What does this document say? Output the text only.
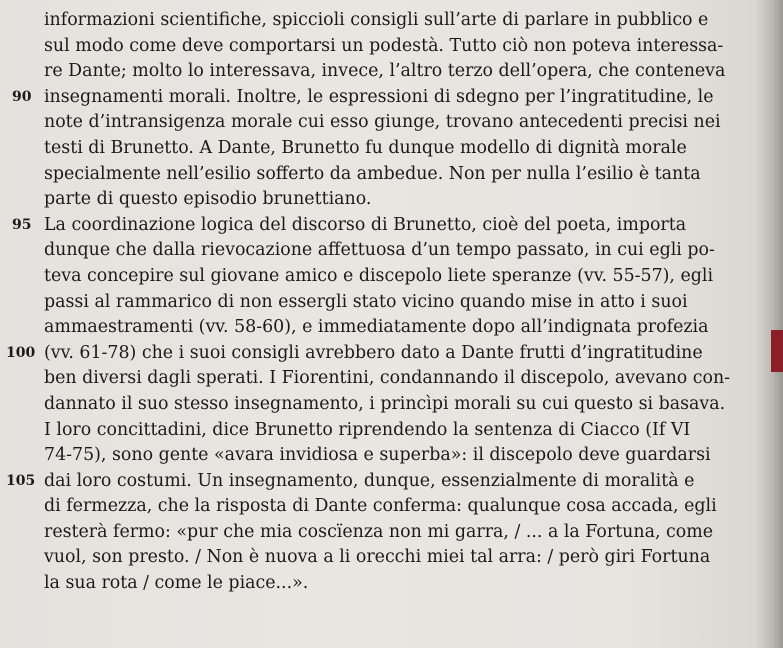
informazioni scientifiche, spiccioli consigli sull’arte di parlare in pubblico e
sul modo come deve comportarsi un podestà. Tutto ciò non poteva interessa-
re Dante; molto lo interessava, invece, l’altro terzo dell’opera, che conteneva
90 insegnamenti morali. Inoltre, le espressioni di sdegno per l’ingratitudine, le
note d’intransigenza morale cui esso giunge, trovano antecedenti precisi nei
testi di Brunetto. A Dante, Brunetto fu dunque modello di dignità morale
specialmente nell’esilio sofferto da ambedue. Non per nulla l’esilio è tanta
parte di questo episodio brunettiano.
95 La coordinazione logica del discorso di Brunetto, cioè del poeta, importa
dunque che dalla rievocazione affettuosa d’un tempo passato, in cui egli po-
teva concepire sul giovane amico e discepolo liete speranze (vv. 55-57), egli
passi al rammarico di non essergli stato vicino quando mise in atto i suoi
ammaestramenti (vv. 58-60), e immediatamente dopo all’indignata profezia
100 (vv. 61-78) che i suoi consigli avrebbero dato a Dante frutti d’ingratitudine
ben diversi dagli sperati. I Fiorentini, condannando il discepolo, avevano con-
dannato il suo stesso insegnamento, i princìpi morali su cui questo si basava.
I loro concittadini, dice Brunetto riprendendo la sentenza di Ciacco (If VI
74-75), sono gente «avara invidiosa e superba»: il discepolo deve guardarsi
105 dai loro costumi. Un insegnamento, dunque, essenzialmente di moralità e
di fermezza, che la risposta di Dante conferma: qualunque cosa accada, egli
resterà fermo: «pur che mia coscïenza non mi garra, / ... a la Fortuna, come
vuol, son presto. / Non è nuova a li orecchi miei tal arra: / però giri Fortuna
la sua rota / come le piace...».
